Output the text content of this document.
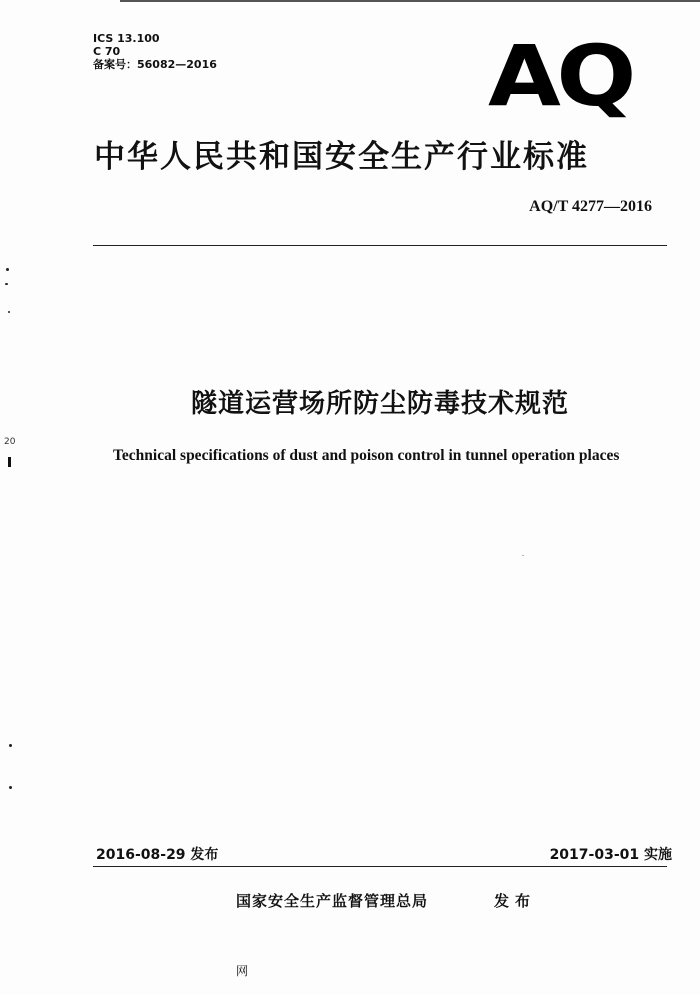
ICS 13.100
C 70
备案号：56082—2016	AQ
中华人民共和国安全生产行业标准
AQ/T 4277—2016
隧道运营场所防尘防毒技术规范
Technical specifications of dust and poison control in tunnel operation places
2016-08-29 发布	2017-03-01 实施
国家安全生产监督管理总局	发布
网
20
